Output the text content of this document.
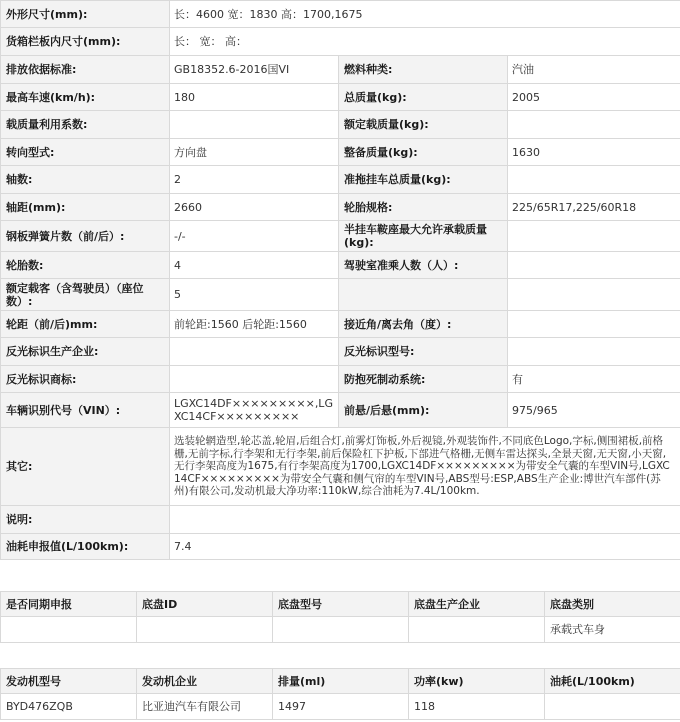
外形尺寸(mm):	长：4600 宽：1830 高：1700,1675		
货箱栏板内尺寸(mm):	长： 宽： 高：		
排放依据标准:	GB18352.6-2016国VI	燃料种类:	汽油
最高车速(km/h):	180	总质量(kg):	2005
载质量利用系数:		额定载质量(kg):	
转向型式:	方向盘	整备质量(kg):	1630
轴数:	2	准拖挂车总质量(kg):	
轴距(mm):	2660	轮胎规格:	225/65R17,225/60R18
钢板弹簧片数（前/后）:	-/-	半挂车鞍座最大允许承载质量(kg):	
轮胎数:	4	驾驶室准乘人数（人）:	
额定载客（含驾驶员）（座位数）:	5		
轮距（前/后)mm:	前轮距:1560 后轮距:1560	接近角/离去角（度）:	
反光标识生产企业:		反光标识型号:	
反光标识商标:		防抱死制动系统:	有
车辆识别代号（VIN）:	LGXC14DF×××××××××,LGXC14CF×××××××××	前悬/后悬(mm):	975/965
其它:	选装轮辋造型,轮芯盖,轮眉,后组合灯,前雾灯饰板,外后视镜,外观装饰件,不同底色Logo,字标,侧围裙板,前格栅,无前字标,行李架和无行李架,前后保险杠下护板,下部进气格栅,无侧车雷达探头,全景天窗,无天窗,小天窗,无行李架高度为1675,有行李架高度为1700,LGXC14DF×××××××××为带安全气囊的车型VIN号,LGXC14CF×××××××××为带安全气囊和侧气帘的车型VIN号,ABS型号:ESP,ABS生产企业:博世汽车部件(苏州)有限公司,发动机最大净功率:110kW,综合油耗为7.4L/100km.		
说明:			
油耗申报值(L/100km):	7.4		
是否同期申报	底盘ID	底盘型号	底盘生产企业	底盘类别
				承载式车身
发动机型号	发动机企业	排量(ml)	功率(kw)	油耗(L/100km)
BYD476ZQB	比亚迪汽车有限公司	1497	118	
